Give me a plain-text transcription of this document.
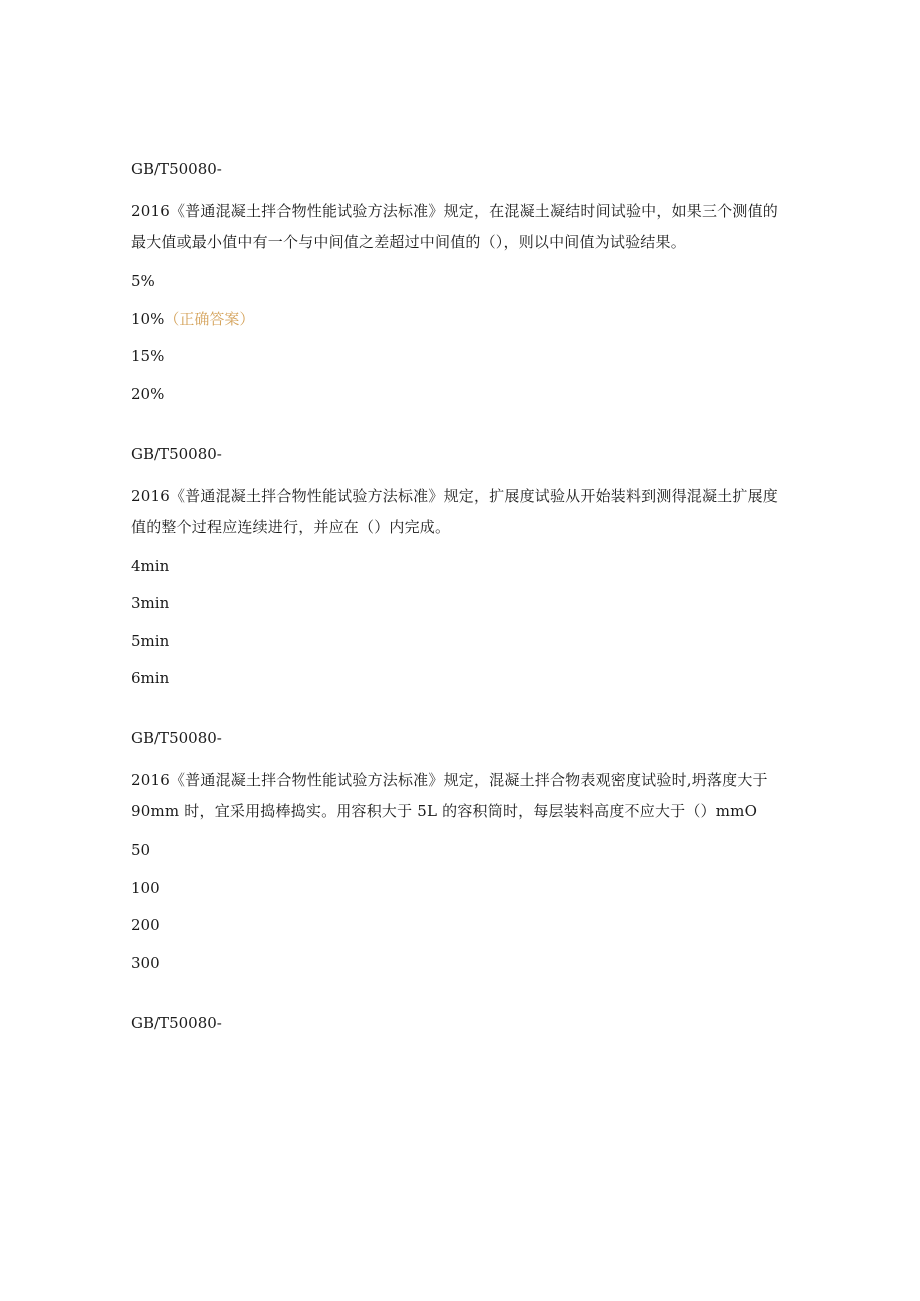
GB/T50080-
2016《普通混凝土拌合物性能试验方法标准》规定，在混凝土凝结时间试验中，如果三个测值的最大值或最小值中有一个与中间值之差超过中间值的（），则以中间值为试验结果。
5%
10%（正确答案）
15%
20%
GB/T50080-
2016《普通混凝土拌合物性能试验方法标准》规定，扩展度试验从开始装料到测得混凝土扩展度值的整个过程应连续进行，并应在（）内完成。
4min
3min
5min
6min
GB/T50080-
2016《普通混凝土拌合物性能试验方法标准》规定，混凝土拌合物表观密度试验时,坍落度大于 90mm 时，宜采用捣棒捣实。用容积大于 5L 的容积筒时，每层装料高度不应大于（）mmO
50
100
200
300
GB/T50080-
